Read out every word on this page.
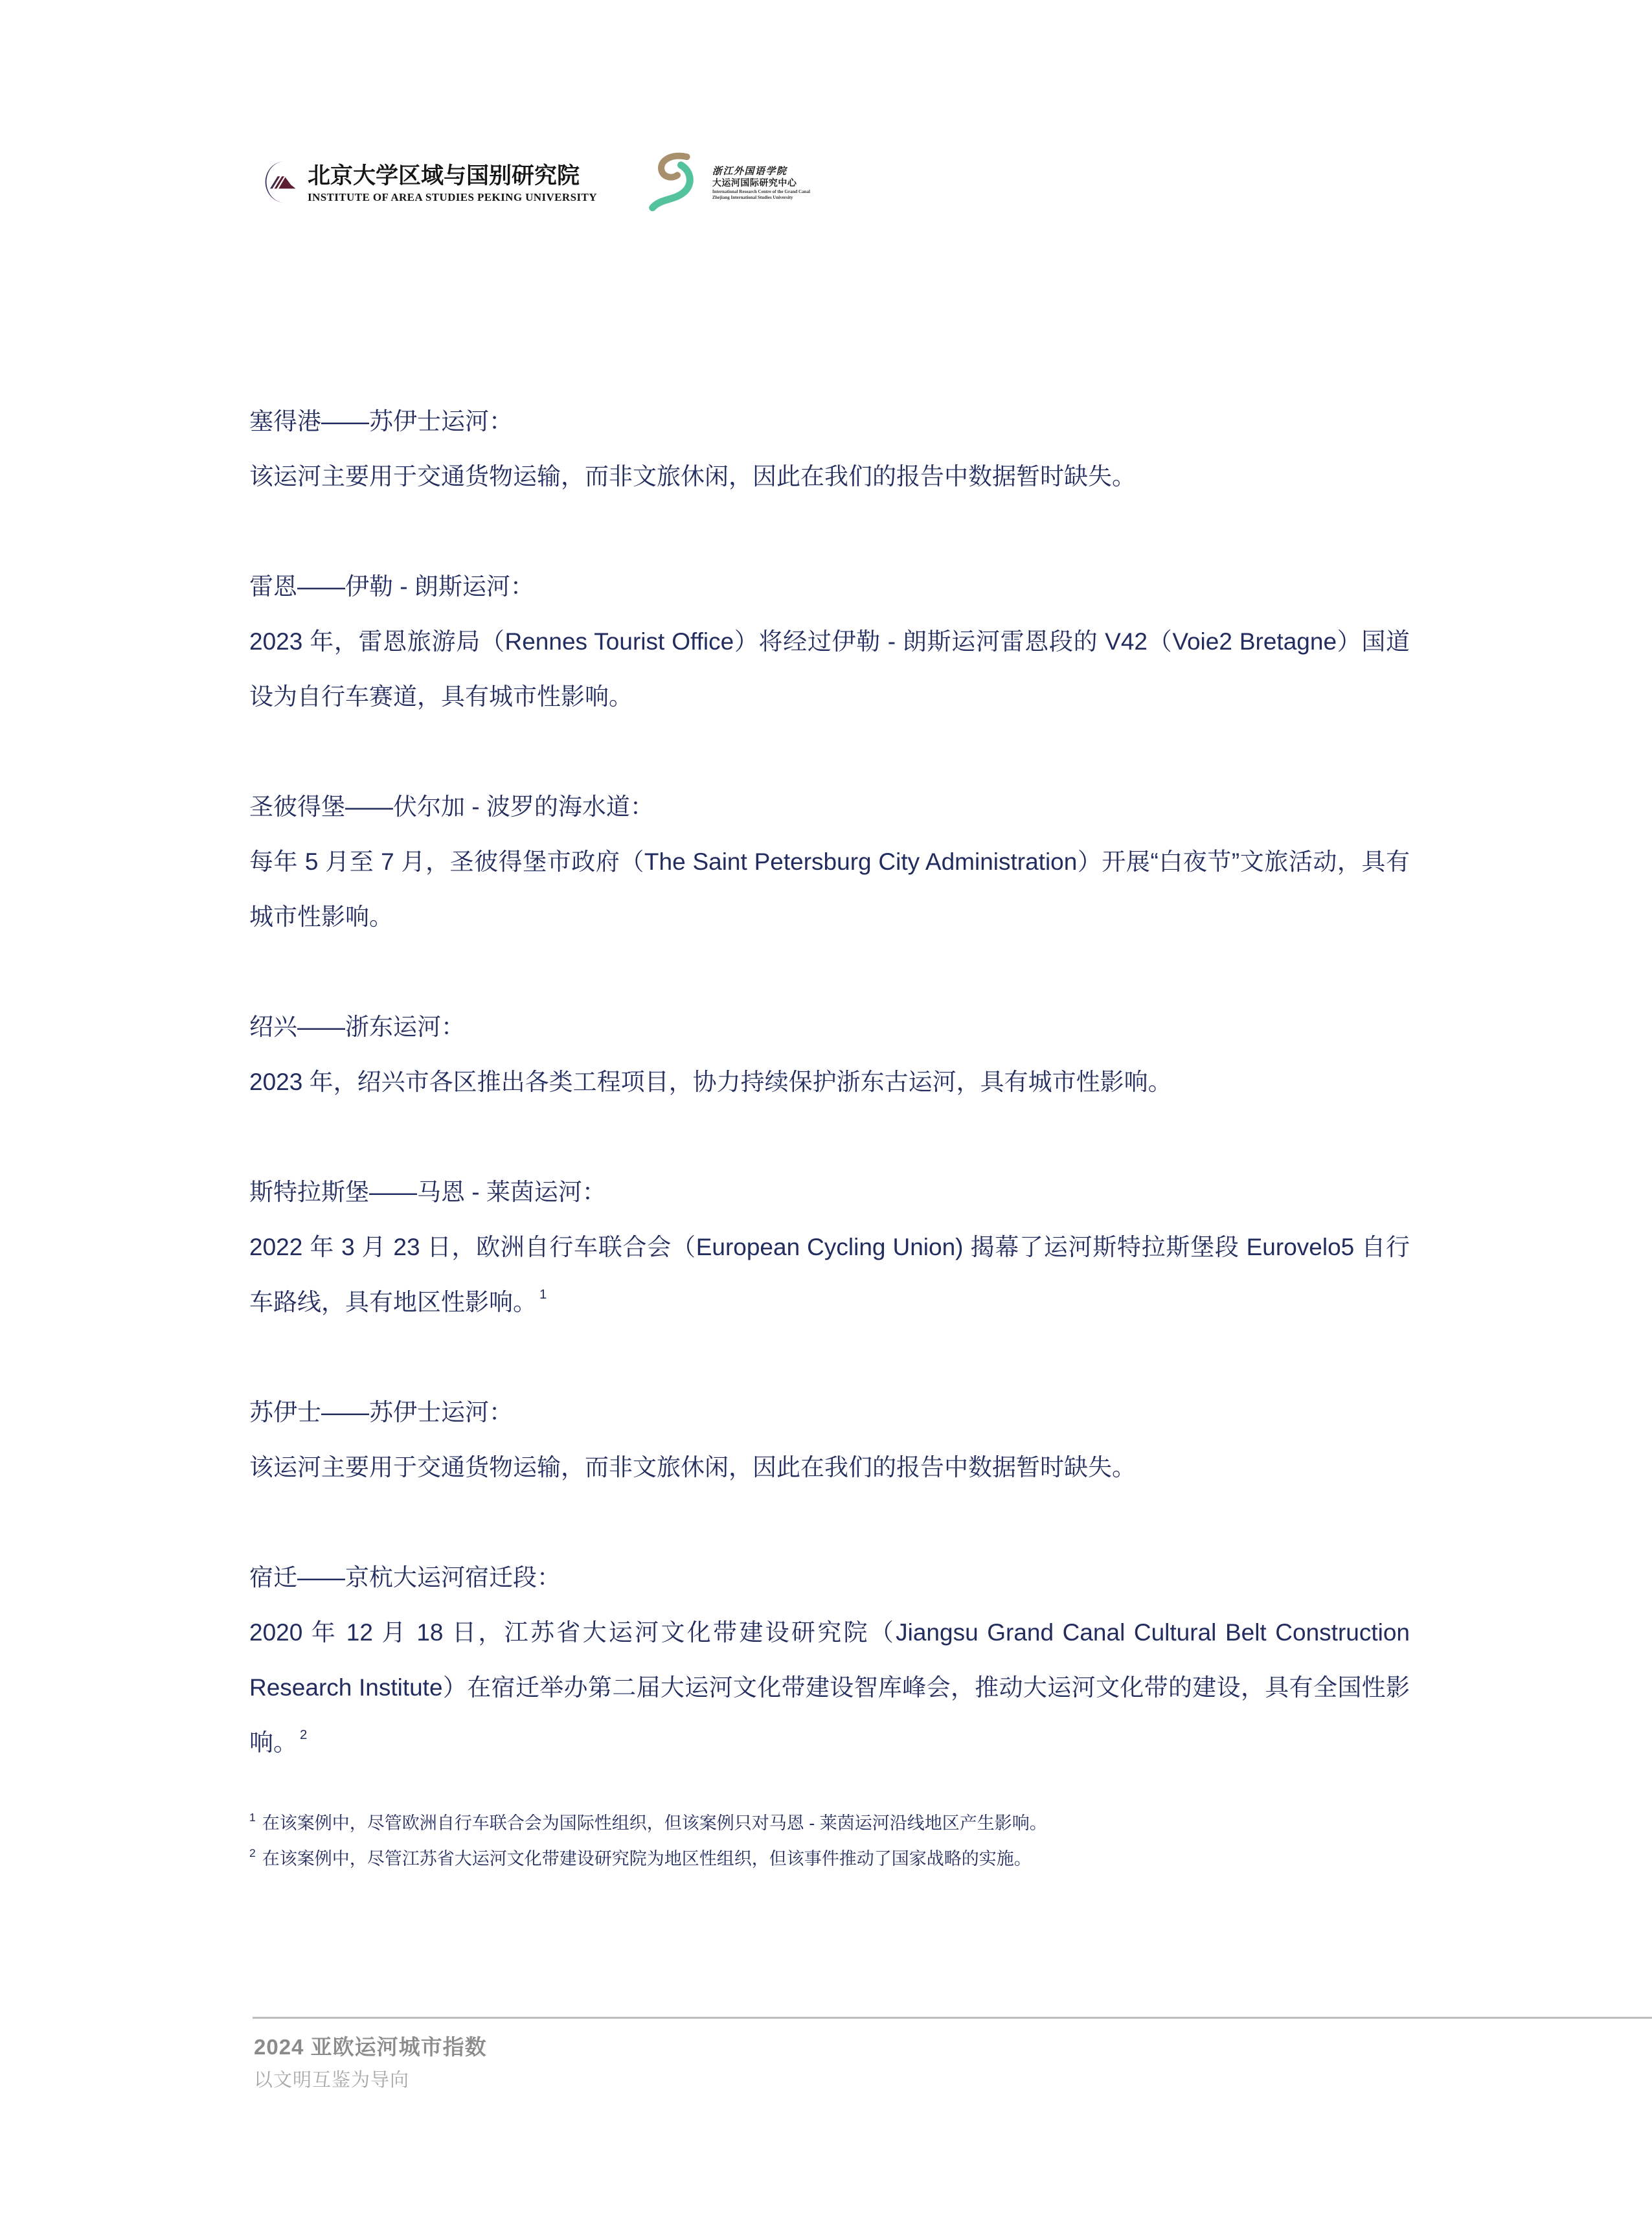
北京大学区域与国别研究院
INSTITUTE OF AREA STUDIES PEKING UNIVERSITY
浙江外国语学院
大运河国际研究中心
International Research Centre of the Grand Canal
Zhejiang International Studies University
塞得港——苏伊士运河：

该运河主要用于交通货物运输，而非文旅休闲，因此在我们的报告中数据暂时缺失。

雷恩——伊勒 - 朗斯运河：

2023 年，雷恩旅游局（Rennes Tourist Office）将经过伊勒 - 朗斯运河雷恩段的 V42（Voie2 Bretagne）国道设为自行车赛道，具有城市性影响。

圣彼得堡——伏尔加 - 波罗的海水道：

每年 5 月至 7 月，圣彼得堡市政府（The Saint Petersburg City Administration）开展“白夜节”文旅活动，具有城市性影响。

绍兴——浙东运河：

2023 年，绍兴市各区推出各类工程项目，协力持续保护浙东古运河，具有城市性影响。

斯特拉斯堡——马恩 - 莱茵运河：

2022 年 3 月 23 日，欧洲自行车联合会（European Cycling Union) 揭幕了运河斯特拉斯堡段 Eurovelo5 自行车路线，具有地区性影响。 $^1$

苏伊士——苏伊士运河：

该运河主要用于交通货物运输，而非文旅休闲，因此在我们的报告中数据暂时缺失。

宿迁——京杭大运河宿迁段：

2020 年 12 月 18 日，江苏省大运河文化带建设研究院（Jiangsu Grand Canal Cultural Belt Construction Research Institute）在宿迁举办第二届大运河文化带建设智库峰会，推动大运河文化带的建设，具有全国性影响。 $^2$

$^1$ 在该案例中，尽管欧洲自行车联合会为国际性组织，但该案例只对马恩 - 莱茵运河沿线地区产生影响。
$^2$ 在该案例中，尽管江苏省大运河文化带建设研究院为地区性组织，但该事件推动了国家战略的实施。
2024 亚欧运河城市指数
以文明互鉴为导向
